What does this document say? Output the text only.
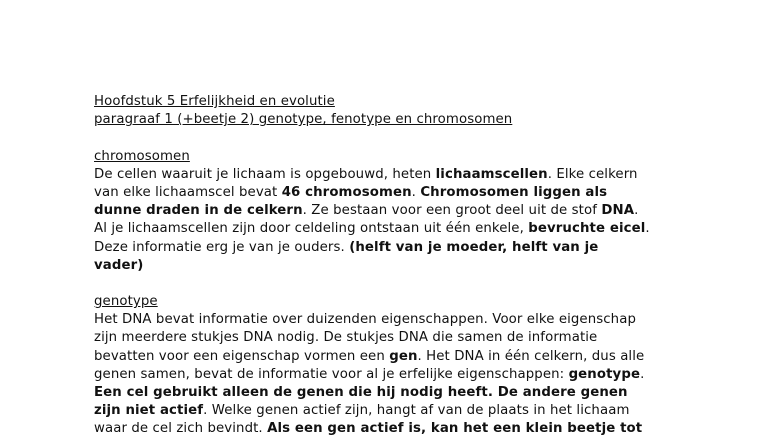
Hoofdstuk 5 Erfelijkheid en evolutie
paragraaf 1 (+beetje 2) genotype, fenotype en chromosomen
chromosomen
De cellen waaruit je lichaam is opgebouwd, heten lichaamscellen. Elke celkern
van elke lichaamscel bevat 46 chromosomen. Chromosomen liggen als
dunne draden in de celkern. Ze bestaan voor een groot deel uit de stof DNA.
Al je lichaamscellen zijn door celdeling ontstaan uit één enkele, bevruchte eicel.
Deze informatie erg je van je ouders. (helft van je moeder, helft van je
vader)
genotype
Het DNA bevat informatie over duizenden eigenschappen. Voor elke eigenschap
zijn meerdere stukjes DNA nodig. De stukjes DNA die samen de informatie
bevatten voor een eigenschap vormen een gen. Het DNA in één celkern, dus alle
genen samen, bevat de informatie voor al je erfelijke eigenschappen: genotype.
Een cel gebruikt alleen de genen die hij nodig heeft. De andere genen
zijn niet actief. Welke genen actief zijn, hangt af van de plaats in het lichaam
waar de cel zich bevindt. Als een gen actief is, kan het een klein beetje tot
